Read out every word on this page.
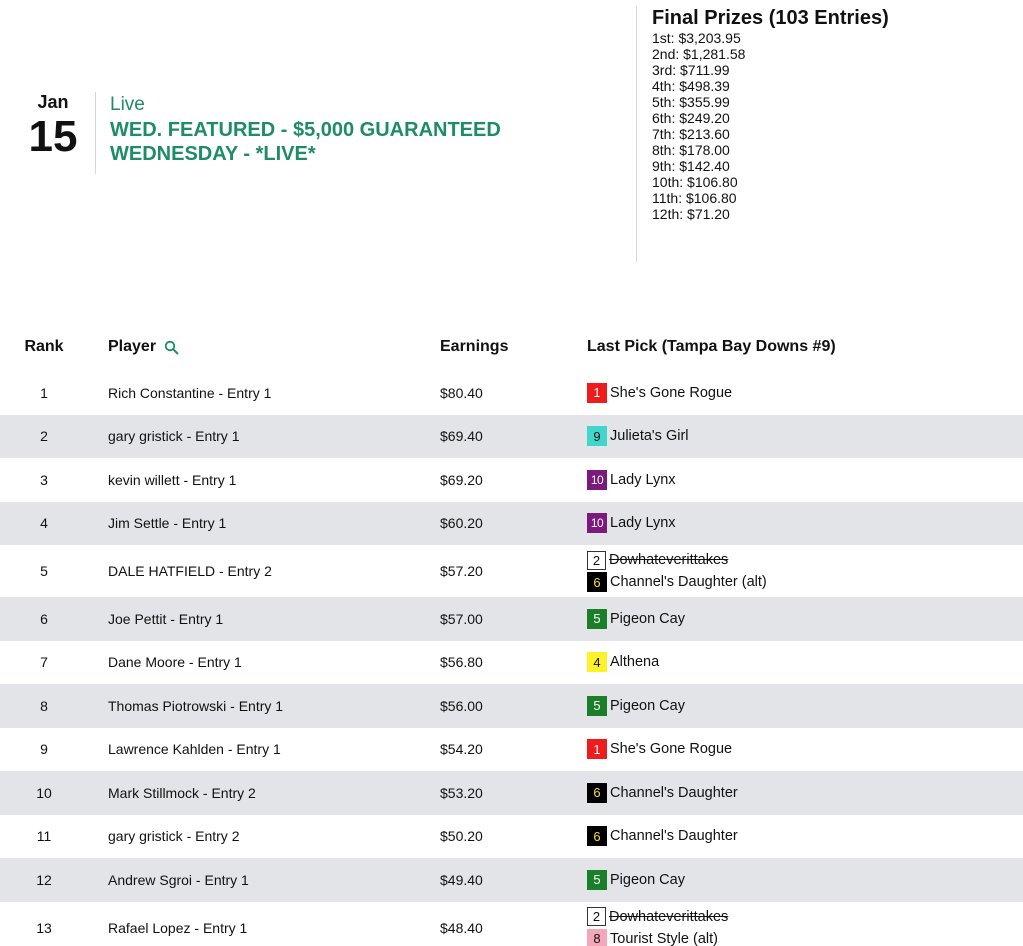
Jan
15
Live
WED. FEATURED - $5,000 GUARANTEED WEDNESDAY - *LIVE*
Final Prizes (103 Entries)
1st: $3,203.95
2nd: $1,281.58
3rd: $711.99
4th: $498.39
5th: $355.99
6th: $249.20
7th: $213.60
8th: $178.00
9th: $142.40
10th: $106.80
11th: $106.80
12th: $71.20
Rank	Player	Earnings	Last Pick (Tampa Bay Downs #9)
1	Rich Constantine - Entry 1	$80.40	1 She's Gone Rogue
2	gary gristick - Entry 1	$69.40	9 Julieta's Girl
3	kevin willett - Entry 1	$69.20	10 Lady Lynx
4	Jim Settle - Entry 1	$60.20	10 Lady Lynx
5	DALE HATFIELD - Entry 2	$57.20
2 Dowhateverittakes
6 Channel's Daughter (alt)
6	Joe Pettit - Entry 1	$57.00	5 Pigeon Cay
7	Dane Moore - Entry 1	$56.80	4 Althena
8	Thomas Piotrowski - Entry 1	$56.00	5 Pigeon Cay
9	Lawrence Kahlden - Entry 1	$54.20	1 She's Gone Rogue
10	Mark Stillmock - Entry 2	$53.20	6 Channel's Daughter
11	gary gristick - Entry 2	$50.20	6 Channel's Daughter
12	Andrew Sgroi - Entry 1	$49.40	5 Pigeon Cay
13	Rafael Lopez - Entry 1	$48.40
2 Dowhateverittakes
8 Tourist Style (alt)
